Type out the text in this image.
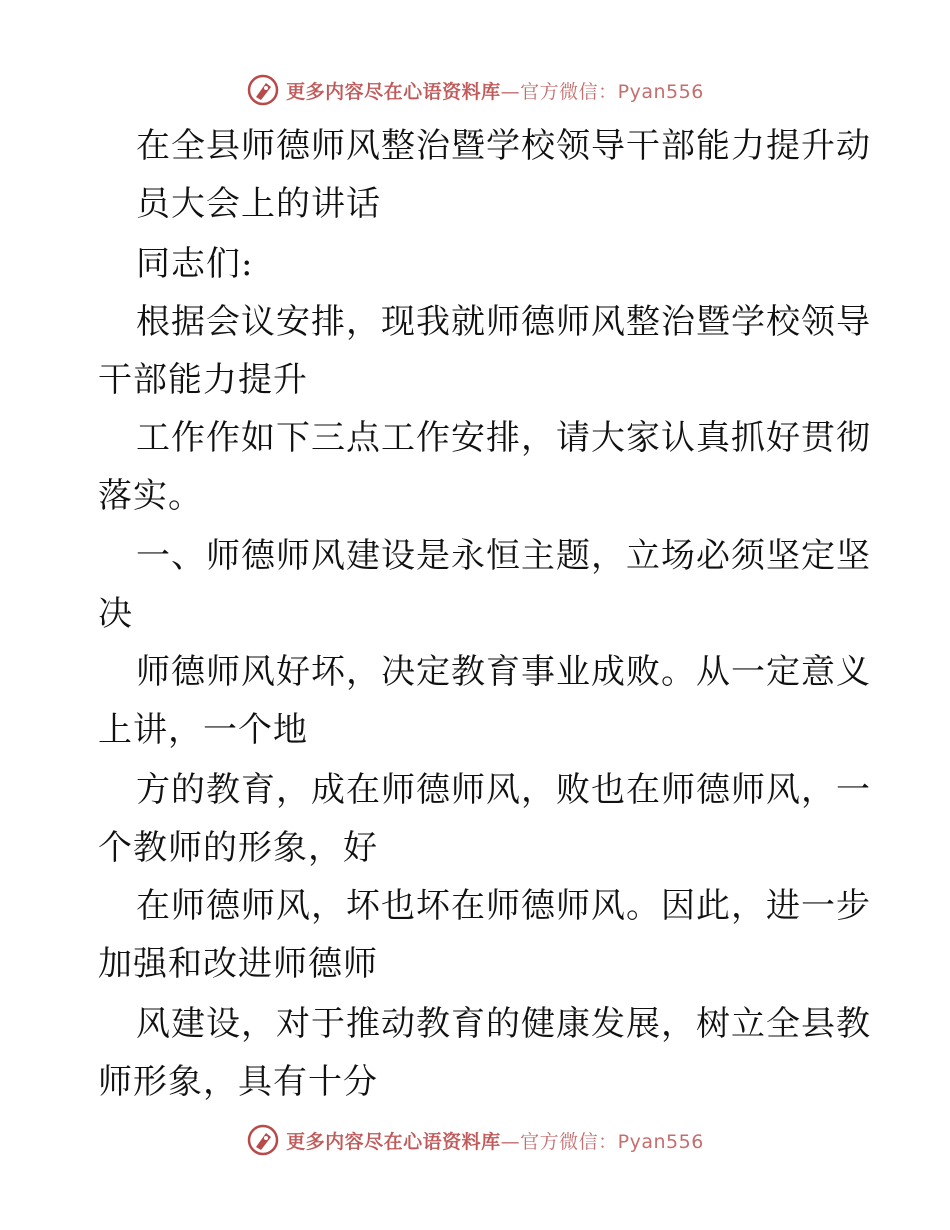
更多内容尽在心语资料库—官方微信：Pyan556
在全县师德师风整治暨学校领导干部能力提升动
员大会上的讲话
同志们:
根据会议安排，现我就师德师风整治暨学校领导
干部能力提升
工作作如下三点工作安排，请大家认真抓好贯彻
落实。
一、师德师风建设是永恒主题，立场必须坚定坚
决
师德师风好坏，决定教育事业成败。从一定意义
上讲，一个地
方的教育，成在师德师风，败也在师德师风，一
个教师的形象，好
在师德师风，坏也坏在师德师风。因此，进一步
加强和改进师德师
风建设，对于推动教育的健康发展，树立全县教
师形象，具有十分
更多内容尽在心语资料库—官方微信：Pyan556
